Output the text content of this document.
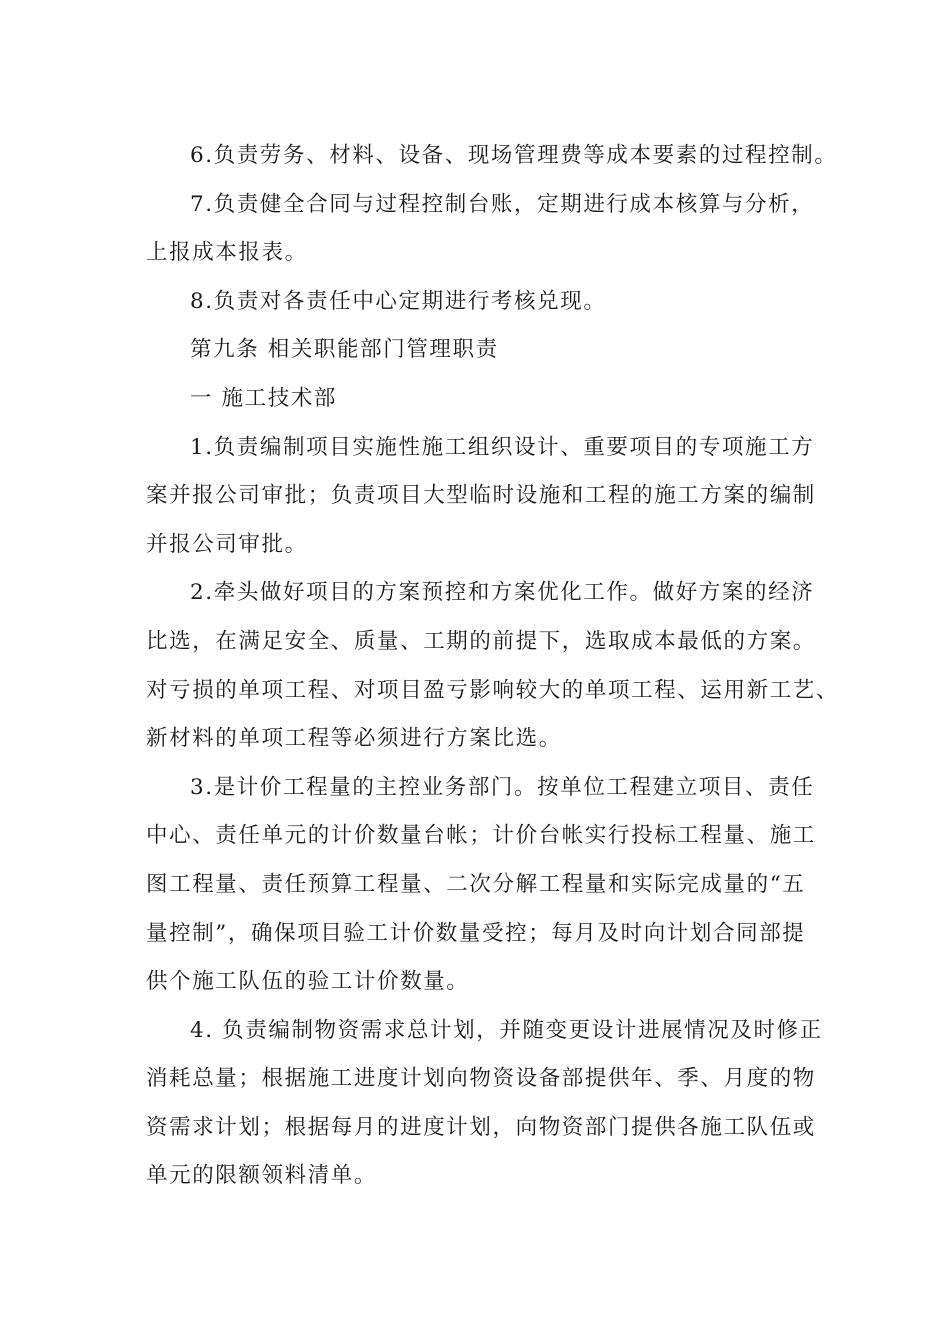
6.负责劳务、材料、设备、现场管理费等成本要素的过程控制。
7.负责健全合同与过程控制台账，定期进行成本核算与分析，
上报成本报表。
8.负责对各责任中心定期进行考核兑现。
第九条 相关职能部门管理职责
一 施工技术部
1.负责编制项目实施性施工组织设计、重要项目的专项施工方
案并报公司审批；负责项目大型临时设施和工程的施工方案的编制
并报公司审批。
2.牵头做好项目的方案预控和方案优化工作。做好方案的经济
比选，在满足安全、质量、工期的前提下，选取成本最低的方案。
对亏损的单项工程、对项目盈亏影响较大的单项工程、运用新工艺、
新材料的单项工程等必须进行方案比选。
3.是计价工程量的主控业务部门。按单位工程建立项目、责任
中心、责任单元的计价数量台帐；计价台帐实行投标工程量、施工
图工程量、责任预算工程量、二次分解工程量和实际完成量的“五
量控制”，确保项目验工计价数量受控；每月及时向计划合同部提
供个施工队伍的验工计价数量。
4. 负责编制物资需求总计划，并随变更设计进展情况及时修正
消耗总量；根据施工进度计划向物资设备部提供年、季、月度的物
资需求计划；根据每月的进度计划，向物资部门提供各施工队伍或
单元的限额领料清单。
